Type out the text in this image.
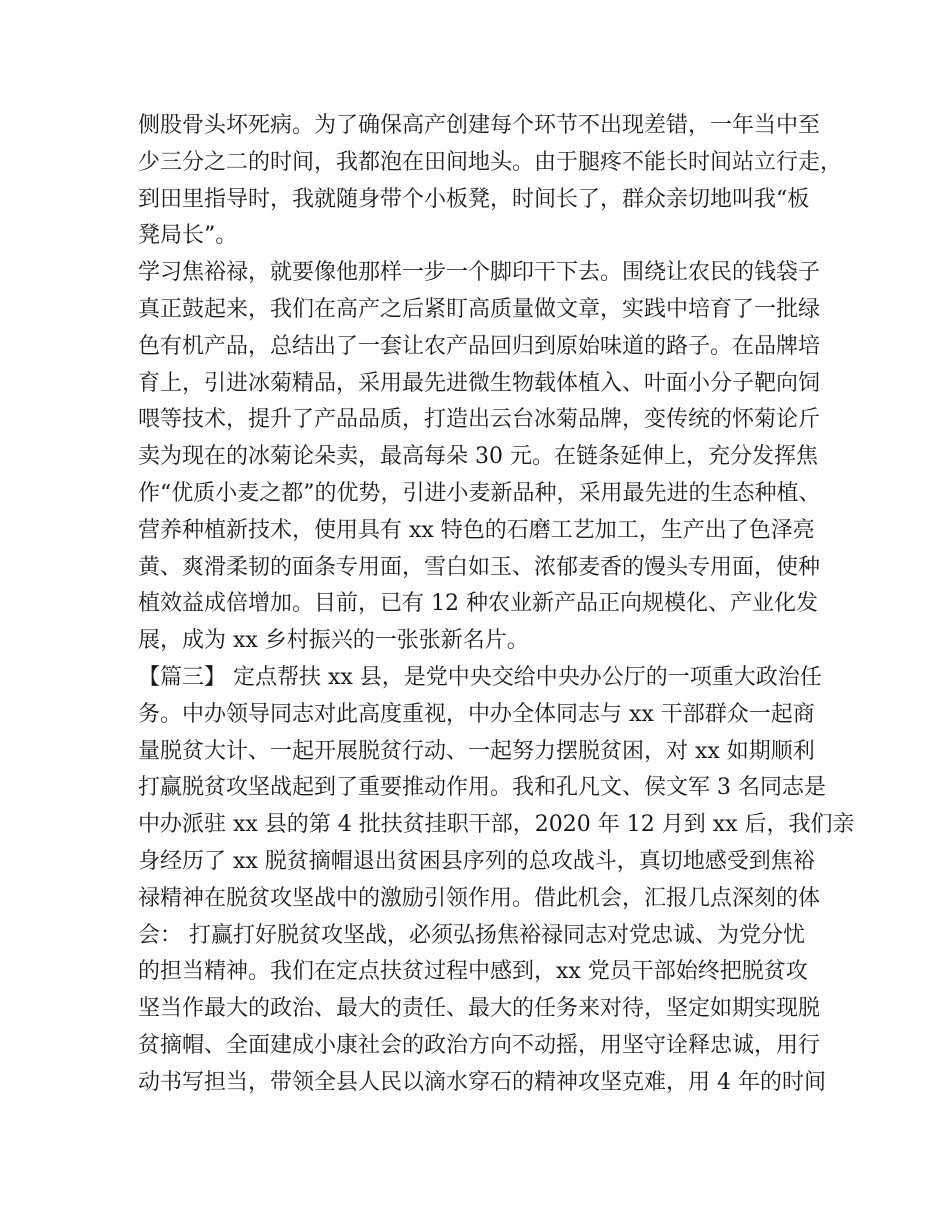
侧股骨头坏死病。为了确保高产创建每个环节不出现差错，一年当中至
少三分之二的时间，我都泡在田间地头。由于腿疼不能长时间站立行走，
到田里指导时，我就随身带个小板凳，时间长了，群众亲切地叫我“板
凳局长”。
学习焦裕禄，就要像他那样一步一个脚印干下去。围绕让农民的钱袋子
真正鼓起来，我们在高产之后紧盯高质量做文章，实践中培育了一批绿
色有机产品，总结出了一套让农产品回归到原始味道的路子。在品牌培
育上，引进冰菊精品，采用最先进微生物载体植入、叶面小分子靶向饲
喂等技术，提升了产品品质，打造出云台冰菊品牌，变传统的怀菊论斤
卖为现在的冰菊论朵卖，最高每朵 30 元。在链条延伸上，充分发挥焦
作“优质小麦之都”的优势，引进小麦新品种，采用最先进的生态种植、
营养种植新技术，使用具有 xx 特色的石磨工艺加工，生产出了色泽亮
黄、爽滑柔韧的面条专用面，雪白如玉、浓郁麦香的馒头专用面，使种
植效益成倍增加。目前，已有 12 种农业新产品正向规模化、产业化发
展，成为 xx 乡村振兴的一张张新名片。
【篇三】 定点帮扶 xx 县，是党中央交给中央办公厅的一项重大政治任
务。中办领导同志对此高度重视，中办全体同志与 xx 干部群众一起商
量脱贫大计、一起开展脱贫行动、一起努力摆脱贫困，对 xx 如期顺利
打赢脱贫攻坚战起到了重要推动作用。我和孔凡文、侯文军 3 名同志是
中办派驻 xx 县的第 4 批扶贫挂职干部，2020 年 12 月到 xx 后，我们亲
身经历了 xx 脱贫摘帽退出贫困县序列的总攻战斗，真切地感受到焦裕
禄精神在脱贫攻坚战中的激励引领作用。借此机会，汇报几点深刻的体
会： 打赢打好脱贫攻坚战，必须弘扬焦裕禄同志对党忠诚、为党分忧
的担当精神。我们在定点扶贫过程中感到，xx 党员干部始终把脱贫攻
坚当作最大的政治、最大的责任、最大的任务来对待，坚定如期实现脱
贫摘帽、全面建成小康社会的政治方向不动摇，用坚守诠释忠诚，用行
动书写担当，带领全县人民以滴水穿石的精神攻坚克难，用 4 年的时间
